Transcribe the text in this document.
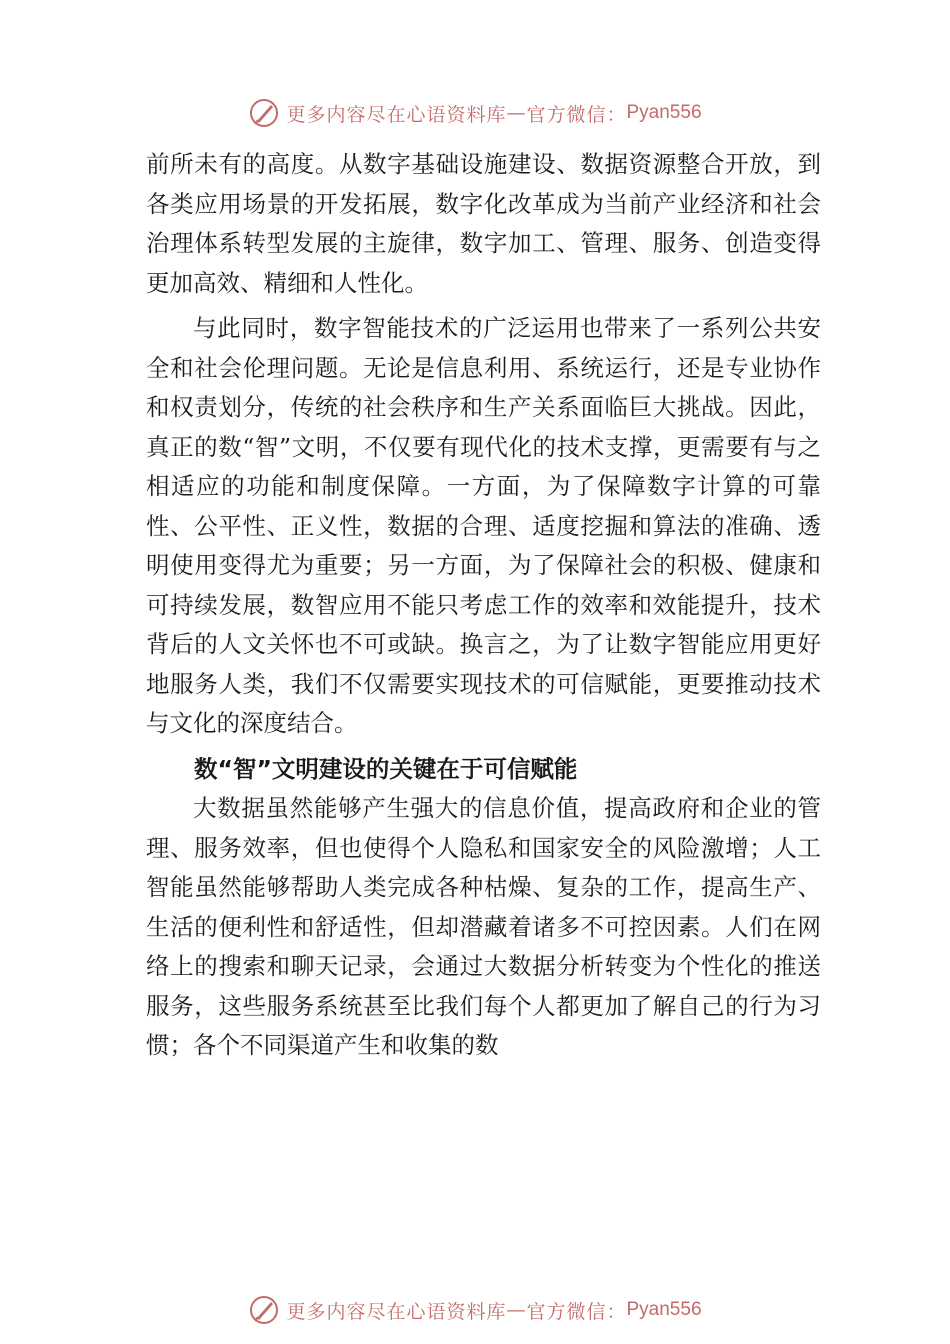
更多内容尽在心语资料库 — 官方微信： Pyan556

前所未有的高度。从数字基础设施建设、数据资源整合开放，到各类应用场景的开发拓展，数字化改革成为当前产业经济和社会治理体系转型发展的主旋律，数字加工、管理、服务、创造变得更加高效、精细和人性化。

与此同时，数字智能技术的广泛运用也带来了一系列公共安全和社会伦理问题。无论是信息利用、系统运行，还是专业协作和权责划分，传统的社会秩序和生产关系面临巨大挑战。因此，真正的数“智”文明，不仅要有现代化的技术支撑，更需要有与之相适应的功能和制度保障。一方面，为了保障数字计算的可靠性、公平性、正义性，数据的合理、适度挖掘和算法的准确、透明使用变得尤为重要；另一方面，为了保障社会的积极、健康和可持续发展，数智应用不能只考虑工作的效率和效能提升，技术背后的人文关怀也不可或缺。换言之，为了让数字智能应用更好地服务人类，我们不仅需要实现技术的可信赋能，更要推动技术与文化的深度结合。

数“智”文明建设的关键在于可信赋能

大数据虽然能够产生强大的信息价值，提高政府和企业的管理、服务效率，但也使得个人隐私和国家安全的风险激增；人工智能虽然能够帮助人类完成各种枯燥、复杂的工作，提高生产、生活的便利性和舒适性，但却潜藏着诸多不可控因素。人们在网络上的搜索和聊天记录，会通过大数据分析转变为个性化的推送服务，这些服务系统甚至比我们每个人都更加了解自己的行为习惯；各个不同渠道产生和收集的数

更多内容尽在心语资料库 — 官方微信： Pyan556
